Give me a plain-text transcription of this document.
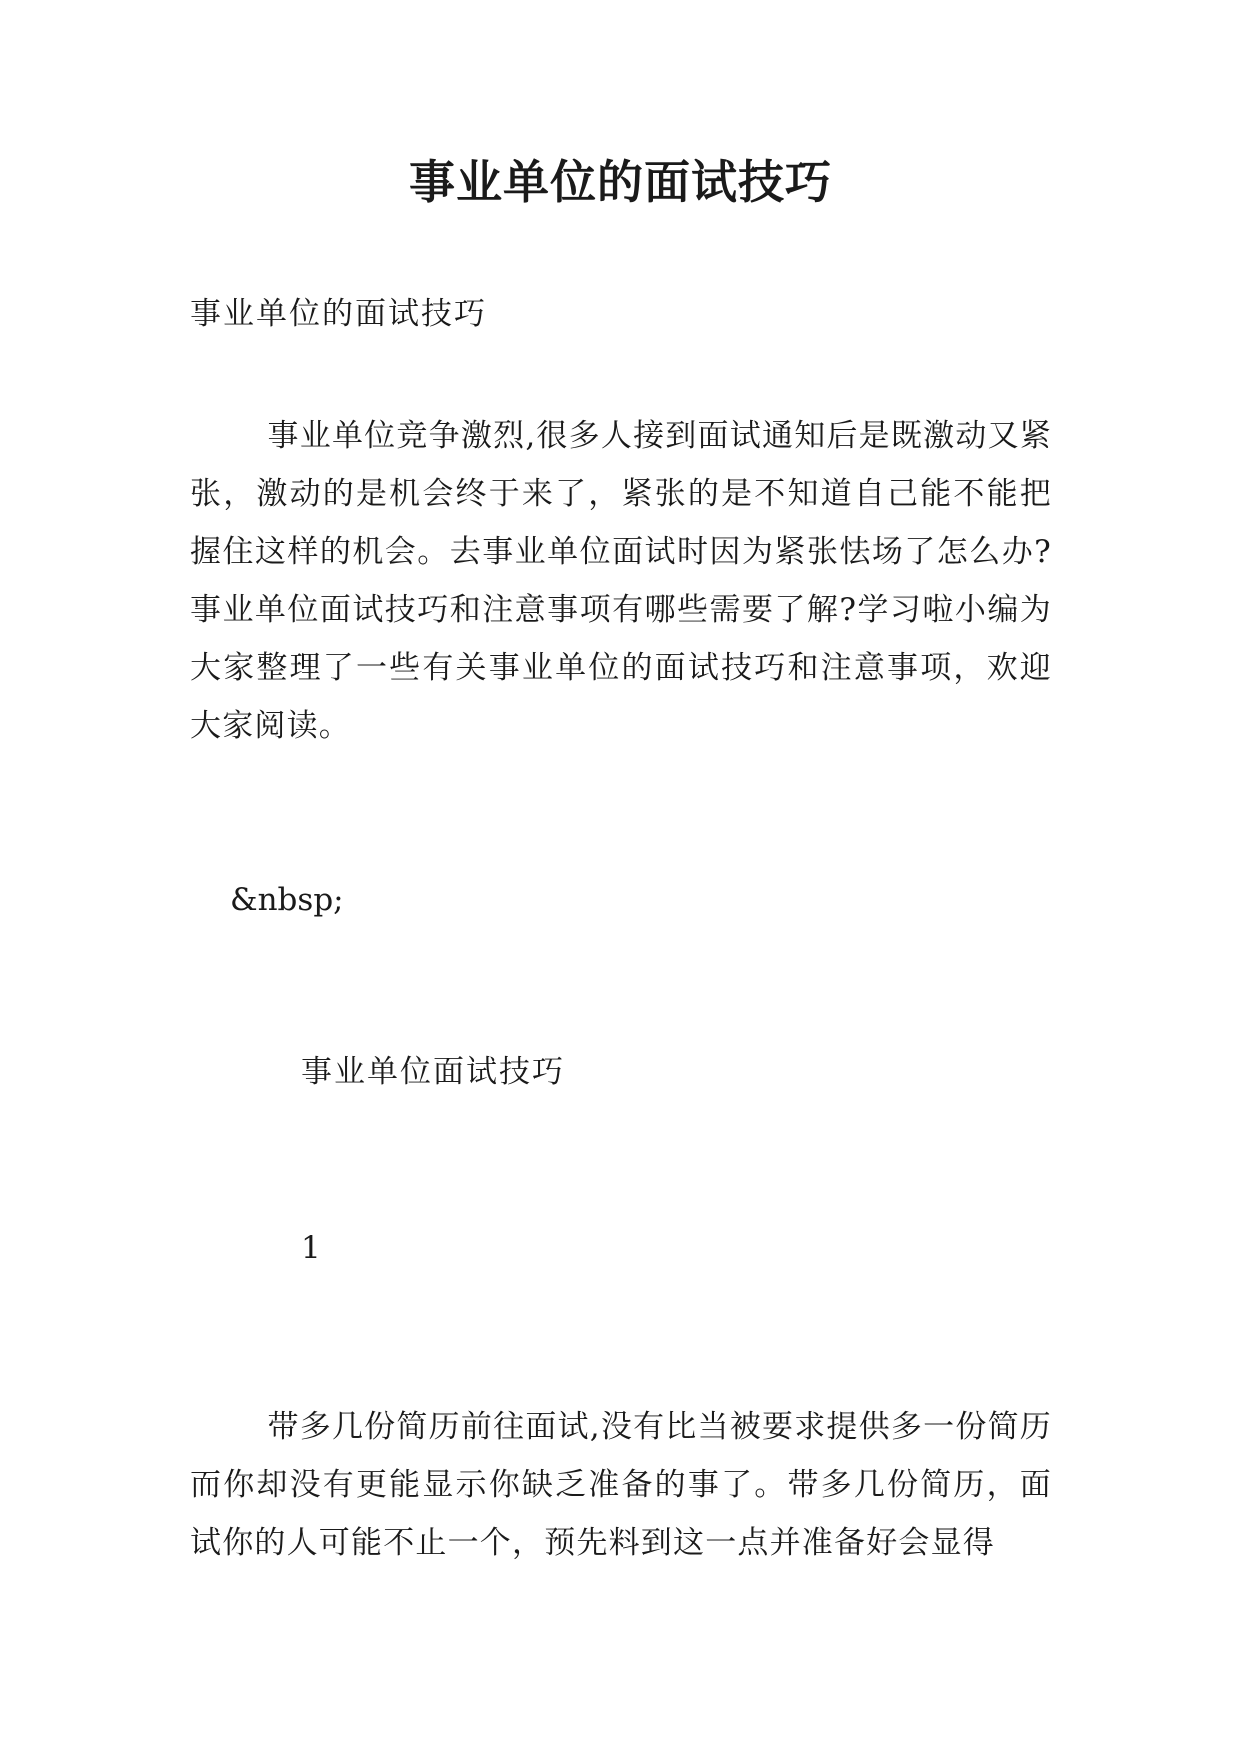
事业单位的面试技巧

事业单位的面试技巧

事业单位竞争激烈,很多人接到面试通知后是既激动又紧张，激动的是机会终于来了，紧张的是不知道自己能不能把握住这样的机会。去事业单位面试时因为紧张怯场了怎么办?事业单位面试技巧和注意事项有哪些需要了解?学习啦小编为大家整理了一些有关事业单位的面试技巧和注意事项，欢迎大家阅读。

&nbsp;

事业单位面试技巧

1

带多几份简历前往面试,没有比当被要求提供多一份简历而你却没有更能显示你缺乏准备的事了。带多几份简历，面试你的人可能不止一个，预先料到这一点并准备好会显得
